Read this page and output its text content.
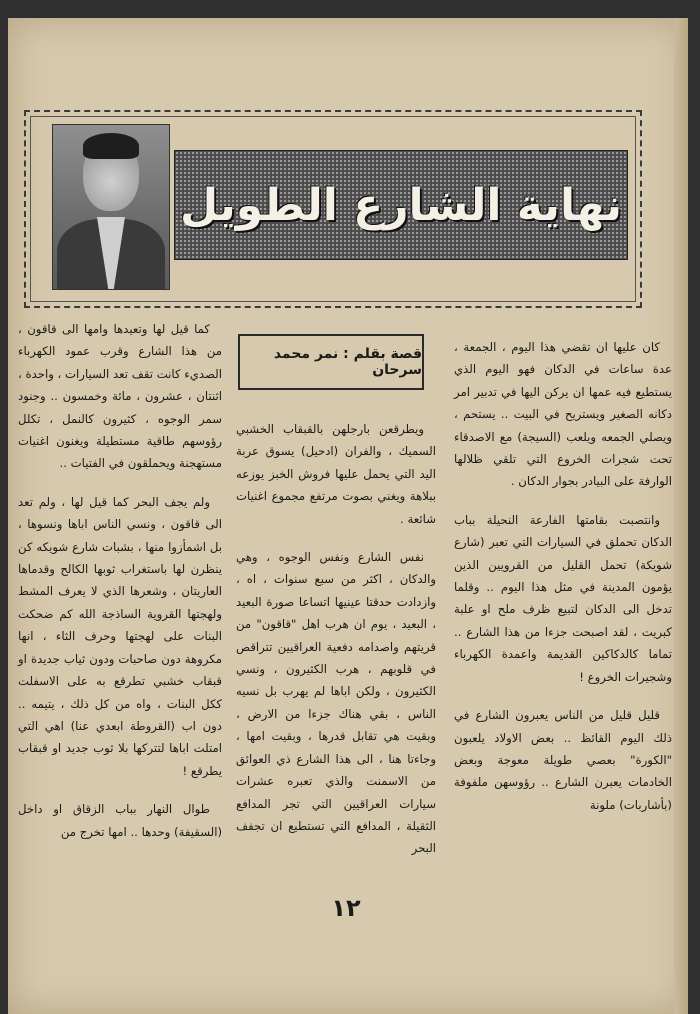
نهاية الشارع الطويل
قصة بقلم : نمر محمد سرحان

كان عليها ان تقضي هذا اليوم ، الجمعة ، عدة ساعات في الدكان فهو اليوم الذي يستطيع فيه عمها ان يركن اليها في تدبير امر دكانه الصغير ويستريح في البيت .. يستحم ، ويصلي الجمعه ويلعب (السيجة) مع الاصدقاء تحت شجرات الخروع التي تلقي ظلالها الوارفة على البيادر بجوار الدكان .

وانتصبت بقامتها الفارعة النحيلة بباب الدكان تحملق في السيارات التي تعبر (شارع شويكة) تحمل القليل من القرويين الذين يؤمون المدينة في مثل هذا اليوم .. وقلما تدخل الى الدكان لتبيع ظرف ملح او علبة كبريت ، لقد اصبحت جزءا من هذا الشارع .. تماما كالدكاكين القديمة واعمدة الكهرباء وشجيرات الخروع !

قليل قليل من الناس يعبرون الشارع في ذلك اليوم القائظ .. بعض الاولاد يلعبون "الكورة" بعصي طويلة معوجة وبعض الخادمات يعبرن الشارع .. رؤوسهن ملفوفة (بأشاربات) ملونة

ويطرقعن بارجلهن بالقبقاب الخشبي السميك ، والفران (ادحيل) يسوق عربة اليد التي يحمل عليها فروش الخبز يوزعه ببلاهة ويغني بصوت مرتفع مجموع اغنيات شائعة .

نفس الشارع ونفس الوجوه ، وهي والدكان ، اكثر من سبع سنوات ، اه ، وازدادت حدقتا عينيها اتساعا صورة البعيد ، البعيد ، يوم ان هرب اهل "قاقون" من قريتهم واصدامه دفعية العراقيين تتراقص في قلوبهم ، هرب الكثيرون ، ونسي الكثيرون ، ولكن اباها لم يهرب بل نسيه الناس ، بقي هناك جزءا من الارض ، وبقيت هي تقابل قدرها ، وبقيت امها ، وجاءتا هنا ، الى هذا الشارع ذي العوائق من الاسمنت والذي تعبره عشرات سيارات العراقيين التي تجر المدافع الثقيلة ، المدافع التي تستطيع ان تجفف البحر

كما قيل لها وتعيدها وامها الى قاقون ، من هذا الشارع وقرب عمود الكهرباء الصديء كانت تقف تعد السيارات ، واحدة ، اثنتان ، عشرون ، مائة وخمسون .. وجنود سمر الوجوه ، كثيرون كالنمل ، تكلل رؤوسهم طاقية مستطيلة ويغنون اغنيات مستهجنة ويحملقون في الفتيات ..

ولم يجف البحر كما قيل لها ، ولم تعد الى قاقون ، ونسي الناس اباها ونسوها ، بل اشمأزوا منها ، بشبات شارع شويكه كن ينظرن لها باستغراب ثوبها الكالح وقدماها العاريتان ، وشعرها الذي لا يعرف المشط ولهجتها القروية الساذجة الله كم ضحكت البنات على لهجتها وحرف الثاء ، انها مكروهة دون صاحبات ودون ثياب جديدة او قبقاب خشبي تطرقع به على الاسفلت ككل البنات ، واه من كل ذلك ، يتيمه .. دون اب (القروطة ابعدي عنا) اهي التي امتلت اباها لتتركها بلا ثوب جديد او قبقاب يطرقع !

طوال النهار بباب الزقاق او داخل (السقيفة) وحدها .. امها تخرج من

١٢
